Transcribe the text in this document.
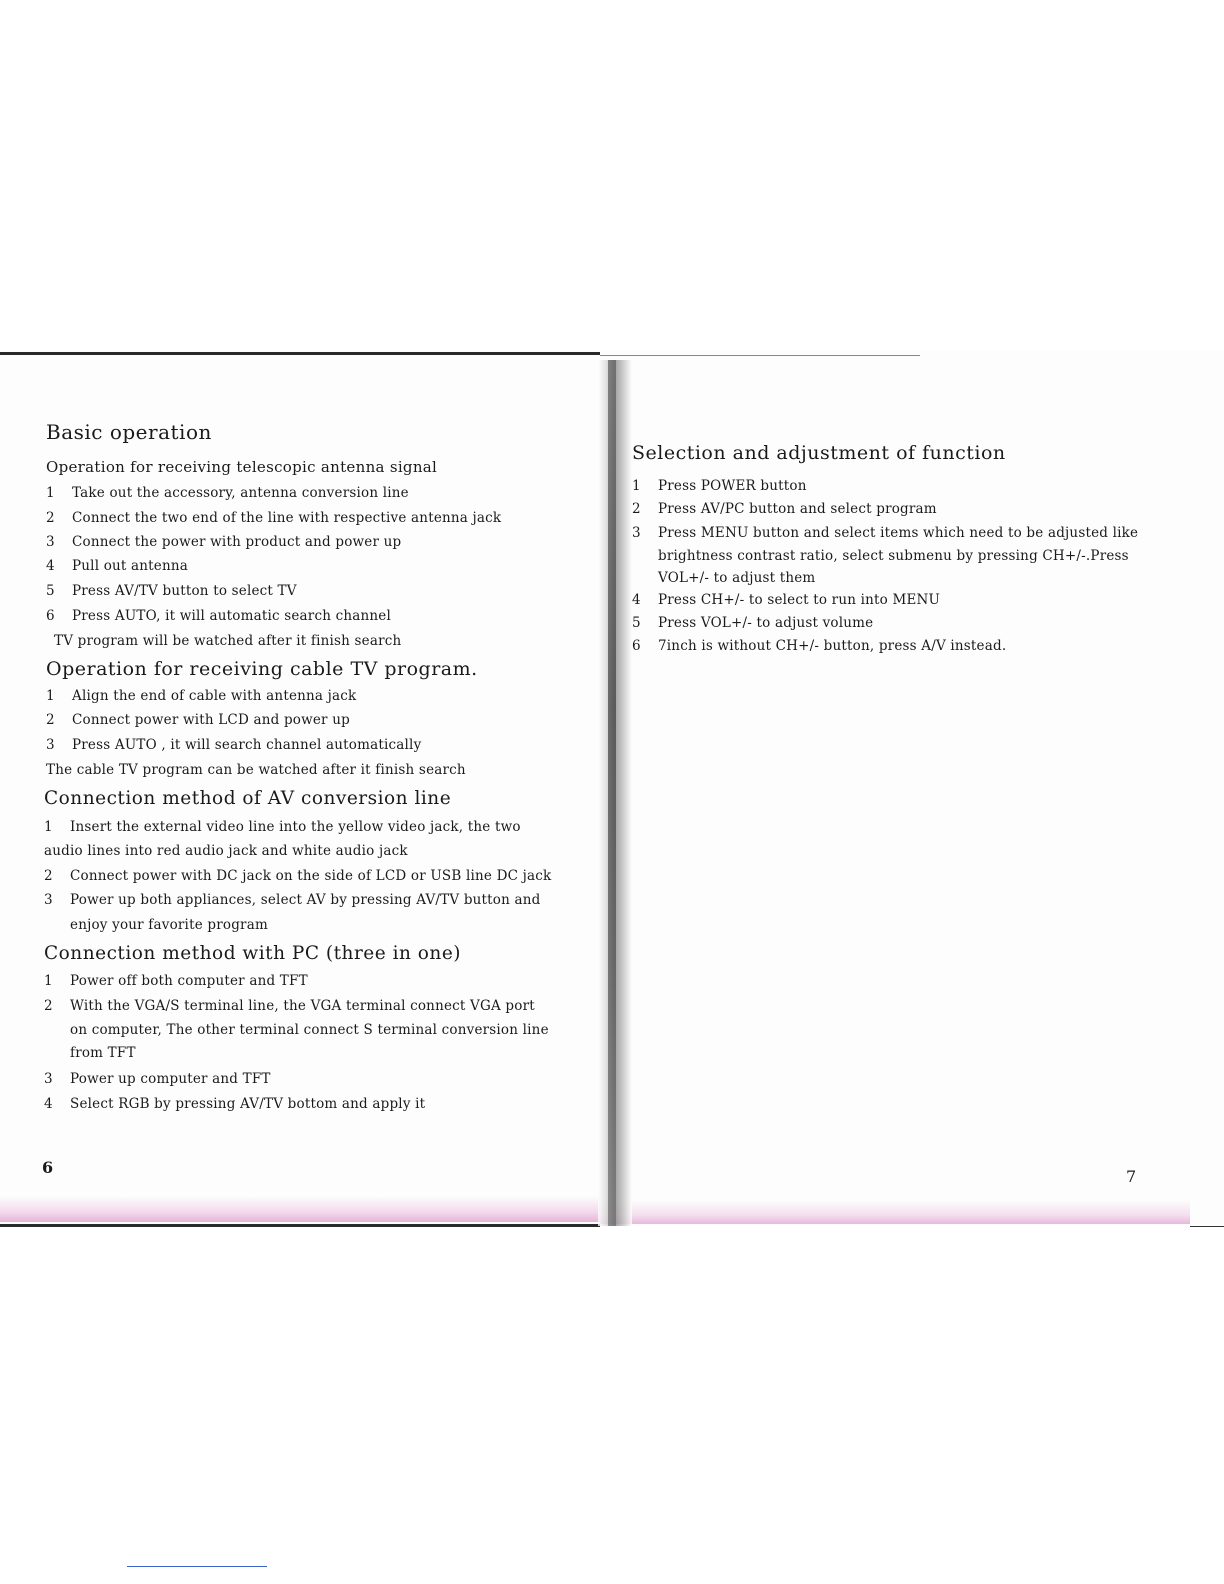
Basic operation
Operation for receiving telescopic antenna signal
1 Take out the accessory, antenna conversion line
2 Connect the two end of the line with respective antenna jack
3 Connect the power with product and power up
4 Pull out antenna
5 Press AV/TV button to select TV
6 Press AUTO, it will automatic search channel
TV program will be watched after it finish search
Operation for receiving cable TV program.
1 Align the end of cable with antenna jack
2 Connect power with LCD and power up
3 Press AUTO , it will search channel automatically
The cable TV program can be watched after it finish search
Connection method of AV conversion line
1 Insert the external video line into the yellow video jack, the two
audio lines into red audio jack and white audio jack
2 Connect power with DC jack on the side of LCD or USB line DC jack
3 Power up both appliances, select AV by pressing AV/TV button and
enjoy your favorite program
Connection method with PC (three in one)
1 Power off both computer and TFT
2 With the VGA/S terminal line, the VGA terminal connect VGA port
on computer, The other terminal connect S terminal conversion line
from TFT
3 Power up computer and TFT
4 Select RGB by pressing AV/TV bottom and apply it
6
Selection and adjustment of function
1 Press POWER button
2 Press AV/PC button and select program
3 Press MENU button and select items which need to be adjusted like
brightness contrast ratio, select submenu by pressing CH+/-.Press
VOL+/- to adjust them
4 Press CH+/- to select to run into MENU
5 Press VOL+/- to adjust volume
6 7inch is without CH+/- button, press A/V instead.
7
